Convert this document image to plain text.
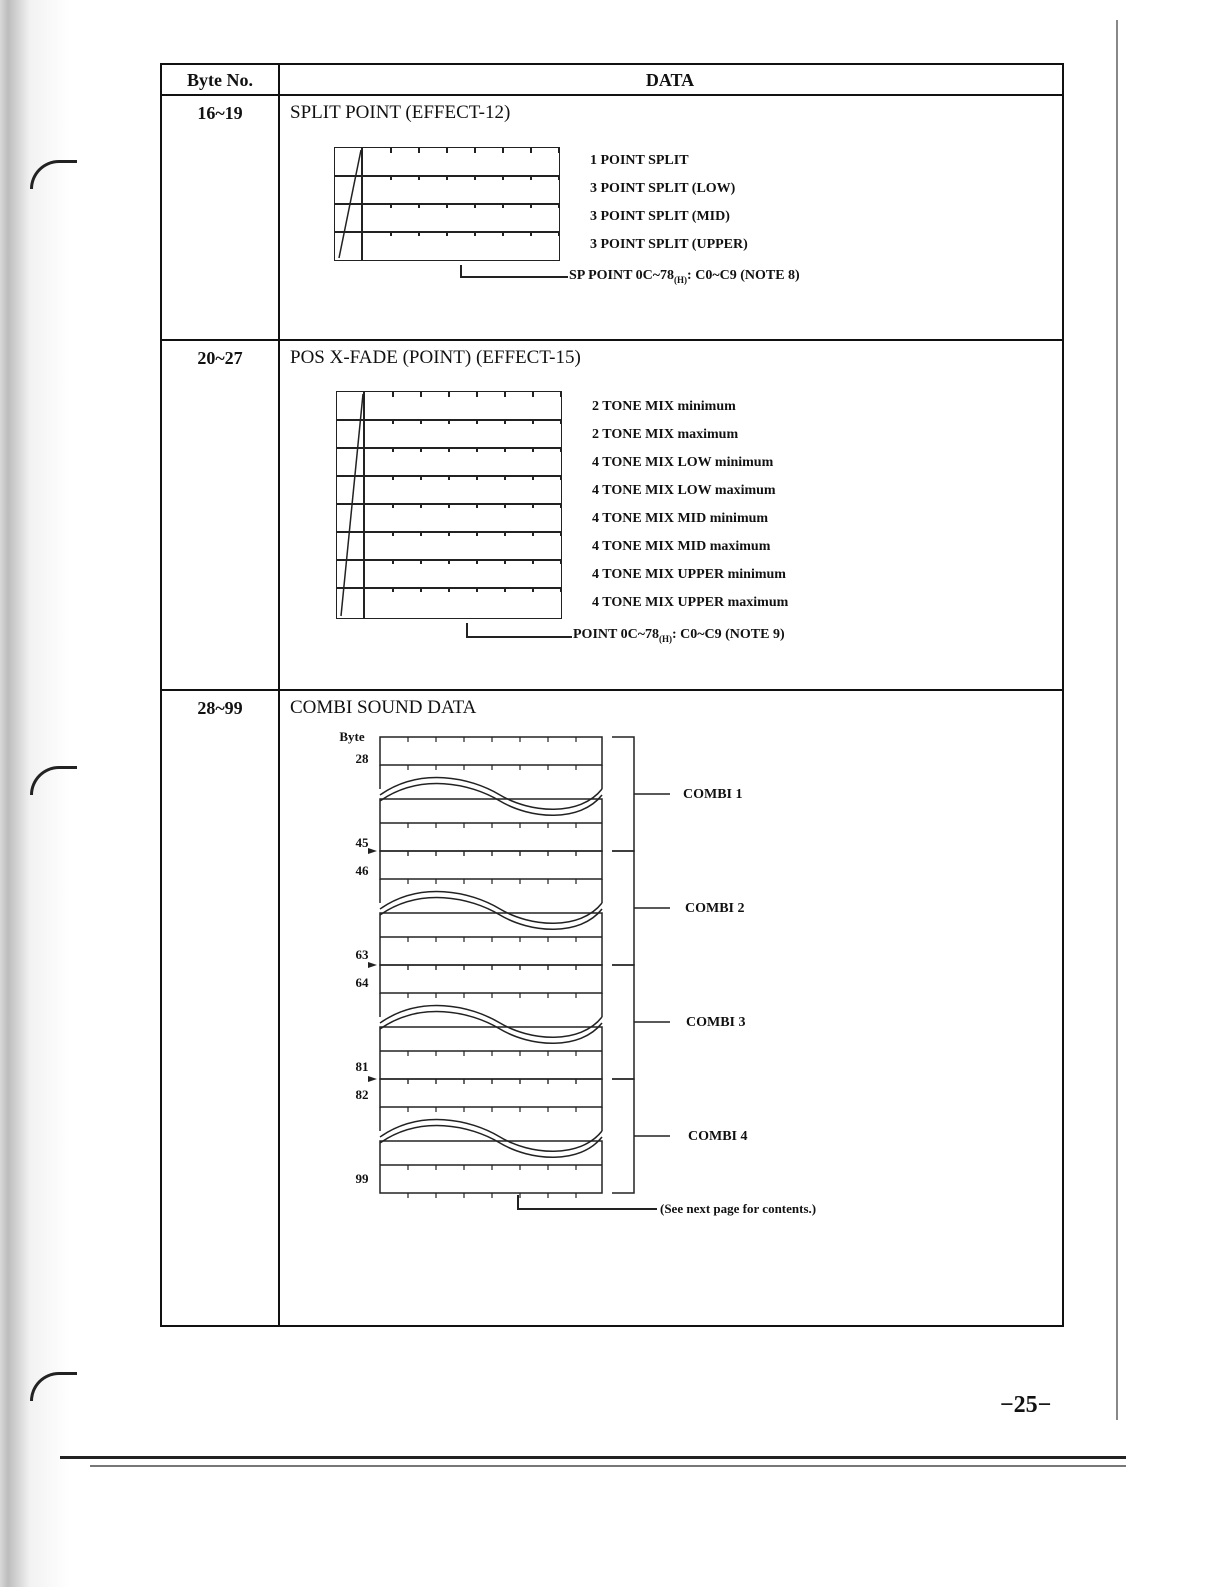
Byte No.	DATA
16~19	SPLIT POINT (EFFECT-12)
1 POINT SPLIT
3 POINT SPLIT (LOW)
3 POINT SPLIT (MID)
3 POINT SPLIT (UPPER)
SP POINT $0C\sim 78_{(H)}$: C0~C9 (NOTE 8)
20~27	POS X-FADE (POINT) (EFFECT-15)
2 TONE MIX minimum
2 TONE MIX maximum
4 TONE MIX LOW minimum
4 TONE MIX LOW maximum
4 TONE MIX MID minimum
4 TONE MIX MID maximum
4 TONE MIX UPPER minimum
4 TONE MIX UPPER maximum
POINT $0C\sim 78_{(H)}$: C0~C9 (NOTE 9)
28~99	COMBI SOUND DATA
Byte
28
45
46
63
64
81
82
99
COMBI 1
COMBI 2
COMBI 3
COMBI 4
(See next page for contents.)
−25−
